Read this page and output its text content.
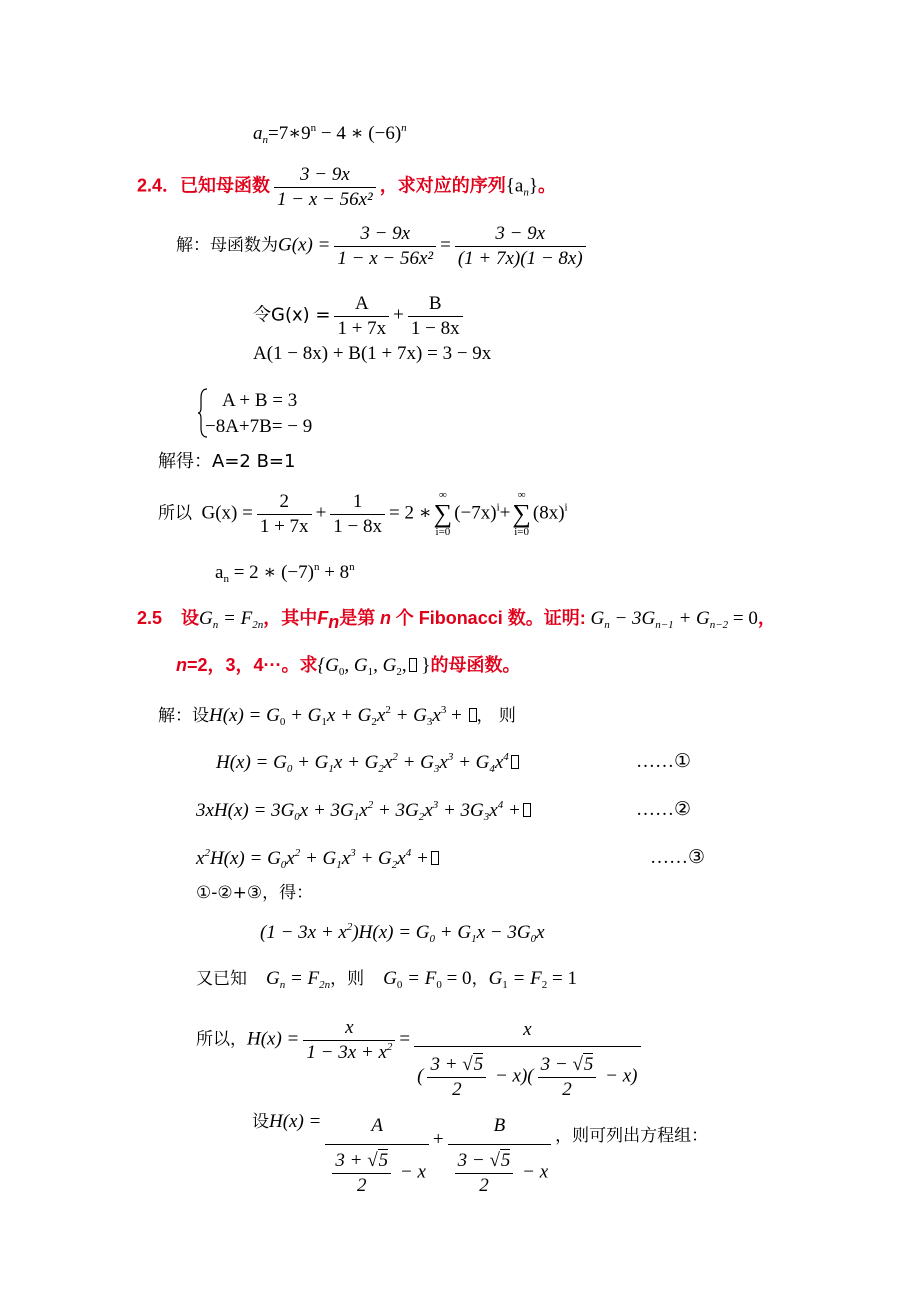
$a_n=7∗9^n - 4$ ∗ $(-6)^n$
2.4．已知母函数 $\frac{3 - 9x}{\text{1 − x − 56x²}}$ ，求对应的序列$\{a_n\}$。
解：母函数为$G(x) = \frac{3 - 9x}{\text{1 − x − 56x²}} = \frac{3 - 9x}{(1 + 7x)(1 - 8x)}$
令$G(x) = \frac{A}{1 + 7x} + \frac{B}{1 - 8x}$
A(1 − 8x) + B(1 + 7x) = 3 − 9x
A + B = 3
−8A+7B= − 9
解得：A=2 B=1
所以 $G(x) = \frac{2}{1 + 7x} + \frac{1}{1 - 8x} = 2$ ∗∞
∑
$i=0(-7x)^i+\infty$
∑
$i=0(8x)^i$
$a_n = 2$ ∗ $(-7)^n + 8^n$
2.5 设$G_n = F_{2n}$，其中$F_n$是第 n 个 Fibonacci 数。证明: $G_n - 3G_{n-1} + G_{n-2} = 0$，
n=2，3，4···。求{$G_0$, $G_1$, $G_2$, }的母函数。
解：设$H(x) = G_0 + G_1x + G_2x^2 + G_3x^3$ + ， 则
$H(x) = G_0 + G_1x + G_2x^2 + G_3x^3 + G_4x^4$	……①
$3xH(x) = 3G_0x + 3G_1x^2 + 3G_2x^3 + 3G_3x^4$ +	……②
$x^2H(x) = G_0x^2 + G_1x^3 + G_2x^4$ +	……③
①-②+③，得：
$(1 - 3x + x^2)H(x) = G_0 + G_1x - 3G_0x$
又已知 $G_n = F_{2n}$，则 $G_0 = F_0 = 0$，$G_1 = F_2 = 1$
所以，$H(x) = \frac{x}{1 - 3x + x^2} = \frac{x}{( \frac{3 + √5}{2} - x)( \frac{3 - √5}{2} - x)}$
设$H(x) = \frac{A}{\frac{3 + √5}{2} - x} + \frac{B}{\frac{3 - √5}{2} - x}$ ，则可列出方程组：
